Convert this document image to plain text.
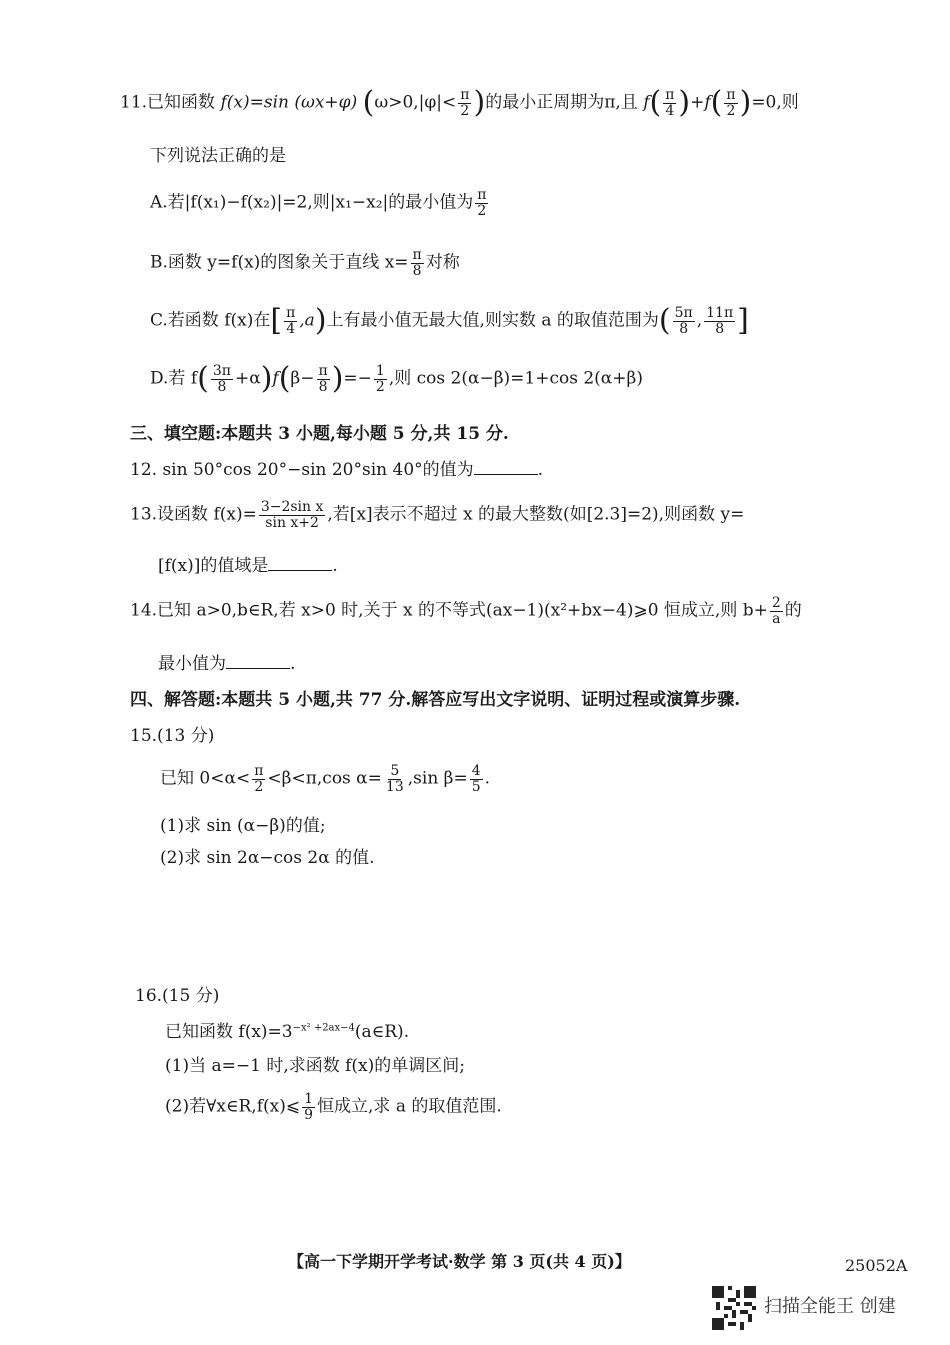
11.已知函数 f(x)=sin (ωx+φ) ($\omega>0,|\varphi|< \frac{\pi}{2}$ )的最小正周期为π,且 $f( \frac{\pi}{4} )+f( \frac{\pi}{2} )=0$,则
下列说法正确的是
A.若|f(x₁)−f(x₂)|=2,则|x₁−x₂|的最小值为 $\frac{\pi}{2}$
B.函数 y=f(x)的图象关于直线 $x= \frac{\pi}{8}$ 对称
C.若函数 f(x)在[ $\frac{\pi}{4} ,a$)上有最小值无最大值,则实数 a 的取值范围为( $\frac{5\pi}{8}$ , $\frac{11\pi}{8}$ ]
D.若 $f( \frac{3\pi}{8} +\alpha)f(\beta- \frac{\pi}{8}$ )=− $\frac{1}{2}$ ,则 cos 2(α−β)=1+cos 2(α+β)
三、填空题:本题共 3 小题,每小题 5 分,共 15 分.
12. sin 50°cos 20°−sin 20°sin 40°的值为	.
13.设函数 $f(x)= \frac{\text{3−2sin x}}{\text{sin x+2}}$ ,若[x]表示不超过 x 的最大整数(如[2.3]=2),则函数 y=
[f(x)]的值域是	.
14.已知 a>0,b∈R,若 x>0 时,关于 x 的不等式(ax−1)(x²+bx−4)⩾0 恒成立,则 $b+ \frac{2}{a}$ 的
最小值为	.
四、解答题:本题共 5 小题,共 77 分.解答应写出文字说明、证明过程或演算步骤.
15.(13 分)
已知 $0<\alpha< \frac{\pi}{2} <\beta<\pi,\cos$ $\alpha= \frac{5}{13} ,\sin$ $\beta= \frac{4}{5}$ .
(1)求 sin (α−β)的值;
(2)求 sin 2α−cos 2α 的值.
16.(15 分)
已知函数 $f(x)=3^{-x^2 +2ax-4}(a\in R)$.
(1)当 a=−1 时,求函数 f(x)的单调区间;
(2)若∀x∈R,f(x)⩽ $\frac{1}{9}$ 恒成立,求 a 的取值范围.
【高一下学期开学考试·数学 第 3 页(共 4 页)】	25052A
扫描全能王 创建
